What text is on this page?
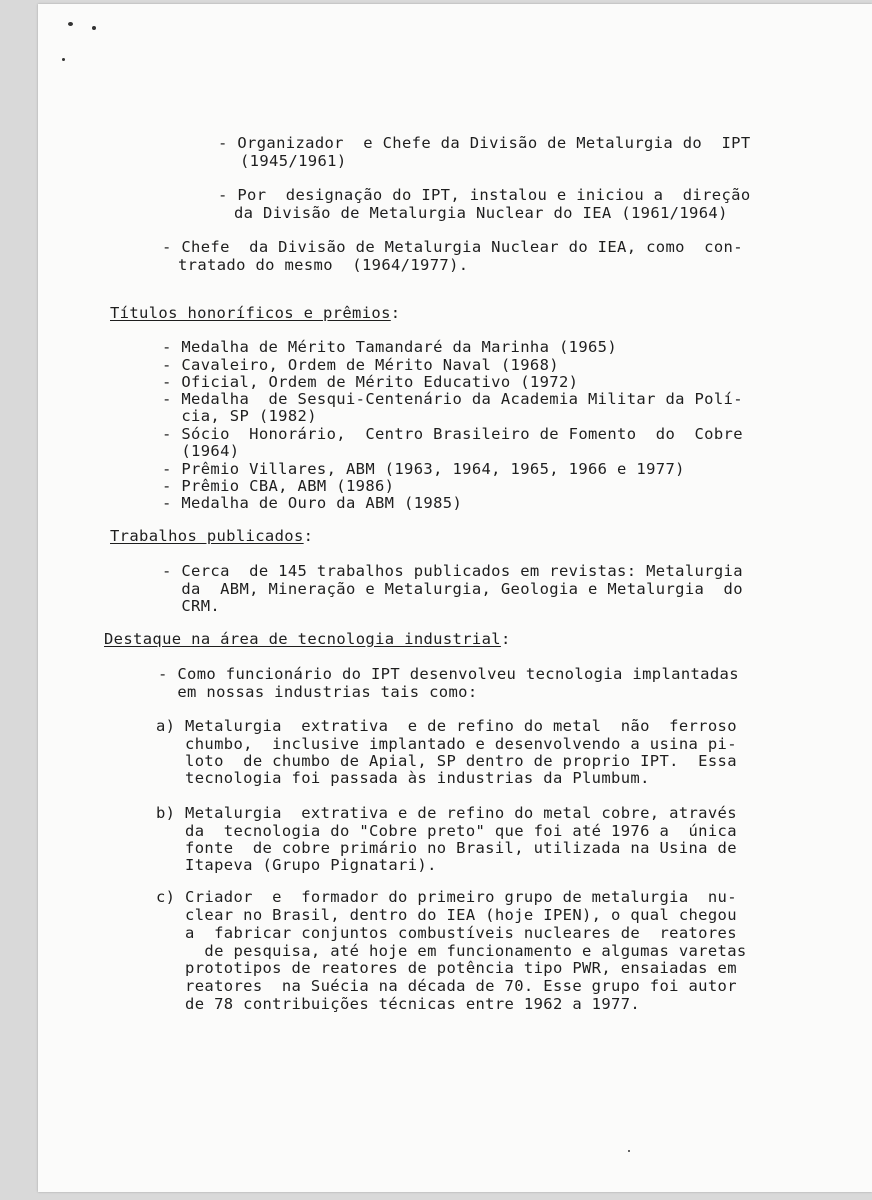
- Organizador  e Chefe da Divisão de Metalurgia do  IPT
(1945/1961)
- Por  designação do IPT, instalou e iniciou a  direção
da Divisão de Metalurgia Nuclear do IEA (1961/1964)
- Chefe  da Divisão de Metalurgia Nuclear do IEA, como  con-
tratado do mesmo  (1964/1977).
Títulos honoríficos e prêmios:
- Medalha de Mérito Tamandaré da Marinha (1965)
- Cavaleiro, Ordem de Mérito Naval (1968)
- Oficial, Ordem de Mérito Educativo (1972)
- Medalha  de Sesqui-Centenário da Academia Militar da Polí-
cia, SP (1982)
- Sócio  Honorário,  Centro Brasileiro de Fomento  do  Cobre
(1964)
- Prêmio Villares, ABM (1963, 1964, 1965, 1966 e 1977)
- Prêmio CBA, ABM (1986)
- Medalha de Ouro da ABM (1985)
Trabalhos publicados:
- Cerca  de 145 trabalhos publicados em revistas: Metalurgia
da  ABM, Mineração e Metalurgia, Geologia e Metalurgia  do
CRM.
Destaque na área de tecnologia industrial:
- Como funcionário do IPT desenvolveu tecnologia implantadas
em nossas industrias tais como:
a) Metalurgia  extrativa  e de refino do metal  não  ferroso
chumbo,  inclusive implantado e desenvolvendo a usina pi-
loto  de chumbo de Apial, SP dentro de proprio IPT.  Essa
tecnologia foi passada às industrias da Plumbum.
b) Metalurgia  extrativa e de refino do metal cobre, através
da  tecnologia do "Cobre preto" que foi até 1976 a  única
fonte  de cobre primário no Brasil, utilizada na Usina de
Itapeva (Grupo Pignatari).
c) Criador  e  formador do primeiro grupo de metalurgia  nu-
clear no Brasil, dentro do IEA (hoje IPEN), o qual chegou
a  fabricar conjuntos combustíveis nucleares de  reatores
de pesquisa, até hoje em funcionamento e algumas varetas
prototipos de reatores de potência tipo PWR, ensaiadas em
reatores  na Suécia na década de 70. Esse grupo foi autor
de 78 contribuições técnicas entre 1962 a 1977.
